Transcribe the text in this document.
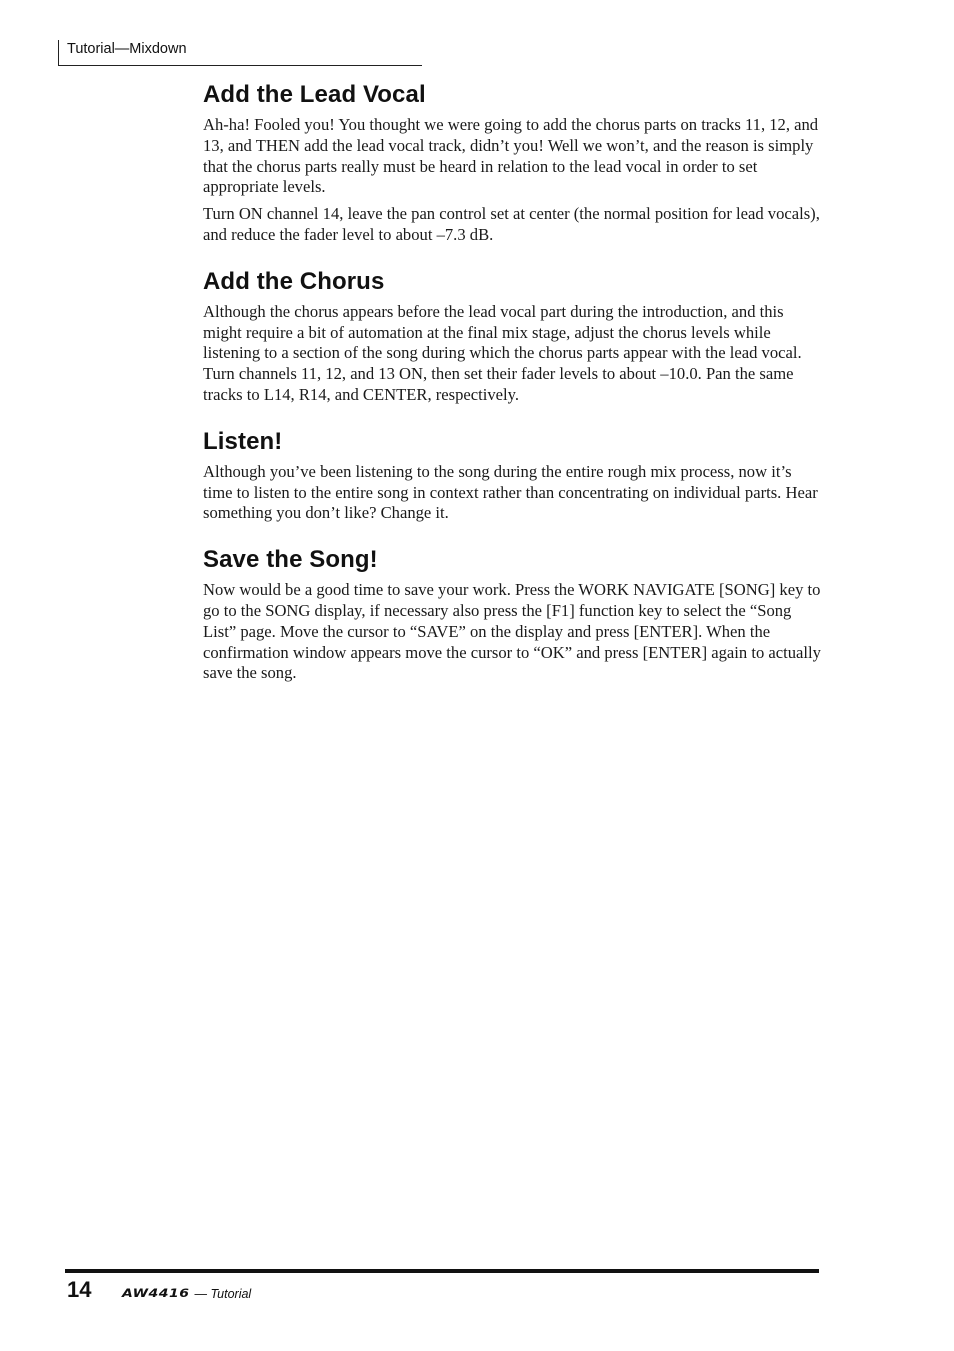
Tutorial—Mixdown
Add the Lead Vocal

Ah-ha! Fooled you! You thought we were going to add the chorus parts on tracks 11, 12, and 13, and THEN add the lead vocal track, didn’t you! Well we won’t, and the reason is simply that the chorus parts really must be heard in relation to the lead vocal in order to set appropriate levels.

Turn ON channel 14, leave the pan control set at center (the normal position for lead vocals), and reduce the fader level to about –7.3 dB.

Add the Chorus

Although the chorus appears before the lead vocal part during the introduction, and this might require a bit of automation at the final mix stage, adjust the chorus levels while listening to a section of the song during which the chorus parts appear with the lead vocal. Turn channels 11, 12, and 13 ON, then set their fader levels to about –10.0. Pan the same tracks to L14, R14, and CENTER, respectively.

Listen!

Although you’ve been listening to the song during the entire rough mix process, now it’s time to listen to the entire song in context rather than concentrating on individual parts. Hear something you don’t like? Change it.

Save the Song!

Now would be a good time to save your work. Press the WORK NAVIGATE [SONG] key to go to the SONG display, if necessary also press the [F1] function key to select the “Song List” page. Move the cursor to “SAVE” on the display and press [ENTER]. When the confirmation window appears move the cursor to “OK” and press [ENTER] again to actually save the song.

14 AW4416 — Tutorial
